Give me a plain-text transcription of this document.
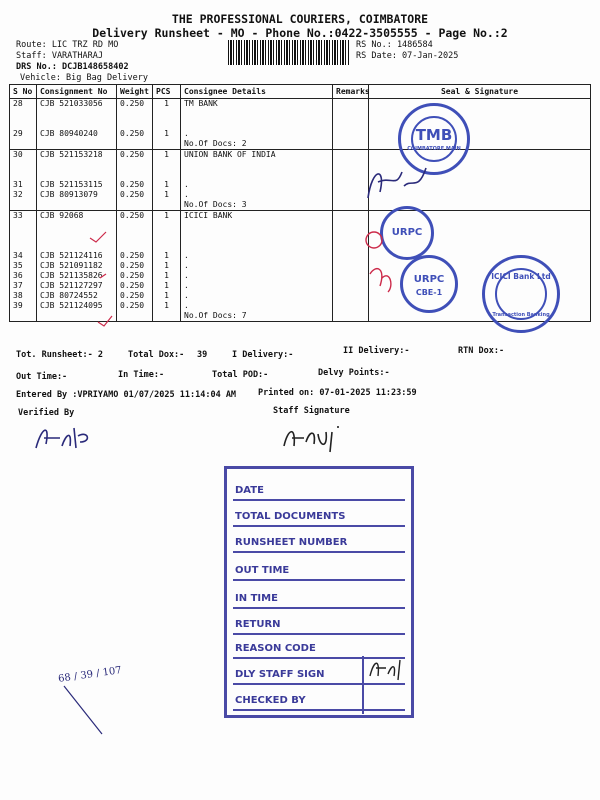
THE PROFESSIONAL COURIERS, COIMBATORE
Delivery Runsheet - MO - Phone No.:0422-3505555 - Page No.:2
Route: LIC TRZ RD MO
Staff: VARATHARAJ
DRS No.: DCJB148658402
Vehicle: Big Bag Delivery
RS No.: 1486584
RS Date: 07-Jan-2025
S No	Consignment No	Weight	PCS	Consignee Details	Remarks	Seal & Signature
28	CJB 521033056	0.250	1	TM BANK		

29	CJB 80940240	0.250	1	.		
				No.Of Docs: 2		
30	CJB 521153218	0.250	1	UNION BANK OF INDIA		

31	CJB 521153115	0.250	1	.		
32	CJB 80913079	0.250	1	.		
				No.Of Docs: 3		
33	CJB 92068	0.250	1	ICICI BANK		

34	CJB 521124116	0.250	1	.		
35	CJB 521091182	0.250	1	.		
36	CJB 521135826	0.250	1	.		
37	CJB 521127297	0.250	1	.		
38	CJB 80724552	0.250	1	.		
39	CJB 521124095	0.250	1	.		
				No.Of Docs: 7		
Tot. Runsheet:- 2	Total Dox:- 39	I Delivery:-	II Delivery:-	RTN Dox:-
Out Time:-	In Time:-	Total POD:-	Delvy Points:-
Entered By :VPRIYAMO 01/07/2025 11:14:04 AM	Printed on: 07-01-2025 11:23:59
Verified By	Staff Signature
TMB
COIMBATORE MAIN
URPC
URPC
CBE-1
ICICI Bank Ltd
Transaction Banking
DATE
TOTAL DOCUMENTS
RUNSHEET NUMBER
OUT TIME
IN TIME
RETURN
REASON CODE
DLY STAFF SIGN
CHECKED BY
68 / 39 / 107
